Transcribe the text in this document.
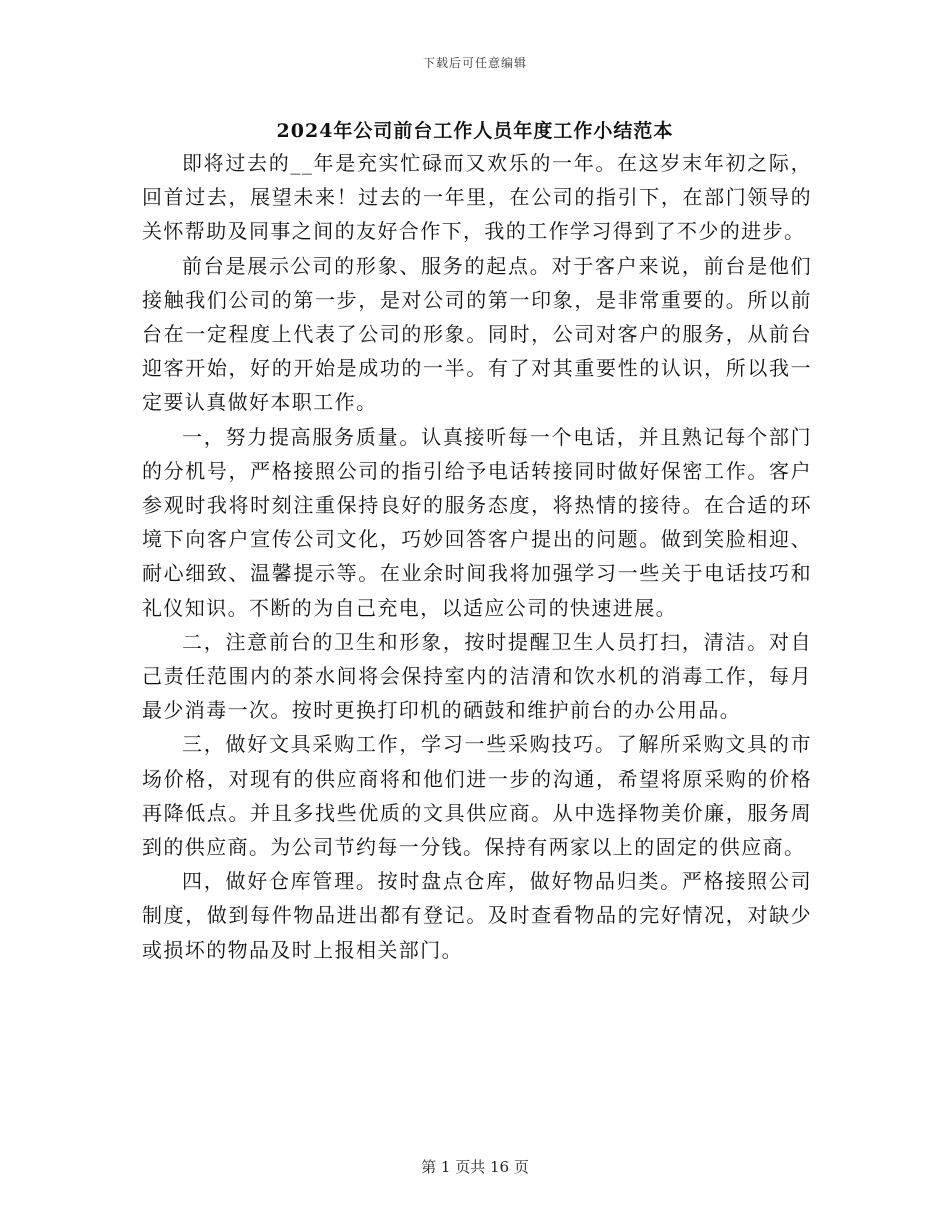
下载后可任意编辑
2024年公司前台工作人员年度工作小结范本

即将过去的__年是充实忙碌而又欢乐的一年。在这岁末年初之际，回首过去，展望未来！过去的一年里，在公司的指引下，在部门领导的关怀帮助及同事之间的友好合作下，我的工作学习得到了不少的进步。

前台是展示公司的形象、服务的起点。对于客户来说，前台是他们接触我们公司的第一步，是对公司的第一印象，是非常重要的。所以前台在一定程度上代表了公司的形象。同时，公司对客户的服务，从前台迎客开始，好的开始是成功的一半。有了对其重要性的认识，所以我一定要认真做好本职工作。

一，努力提高服务质量。认真接听每一个电话，并且熟记每个部门的分机号，严格接照公司的指引给予电话转接同时做好保密工作。客户参观时我将时刻注重保持良好的服务态度，将热情的接待。在合适的环境下向客户宣传公司文化，巧妙回答客户提出的问题。做到笑脸相迎、耐心细致、温馨提示等。在业余时间我将加强学习一些关于电话技巧和礼仪知识。不断的为自己充电，以适应公司的快速进展。

二，注意前台的卫生和形象，按时提醒卫生人员打扫，清洁。对自己责任范围内的茶水间将会保持室内的洁清和饮水机的消毒工作，每月最少消毒一次。按时更换打印机的硒鼓和维护前台的办公用品。

三，做好文具采购工作，学习一些采购技巧。了解所采购文具的市场价格，对现有的供应商将和他们进一步的沟通，希望将原采购的价格再降低点。并且多找些优质的文具供应商。从中选择物美价廉，服务周到的供应商。为公司节约每一分钱。保持有两家以上的固定的供应商。

四，做好仓库管理。按时盘点仓库，做好物品归类。严格接照公司制度，做到每件物品进出都有登记。及时查看物品的完好情况，对缺少或损坏的物品及时上报相关部门。

第 1 页共 16 页
